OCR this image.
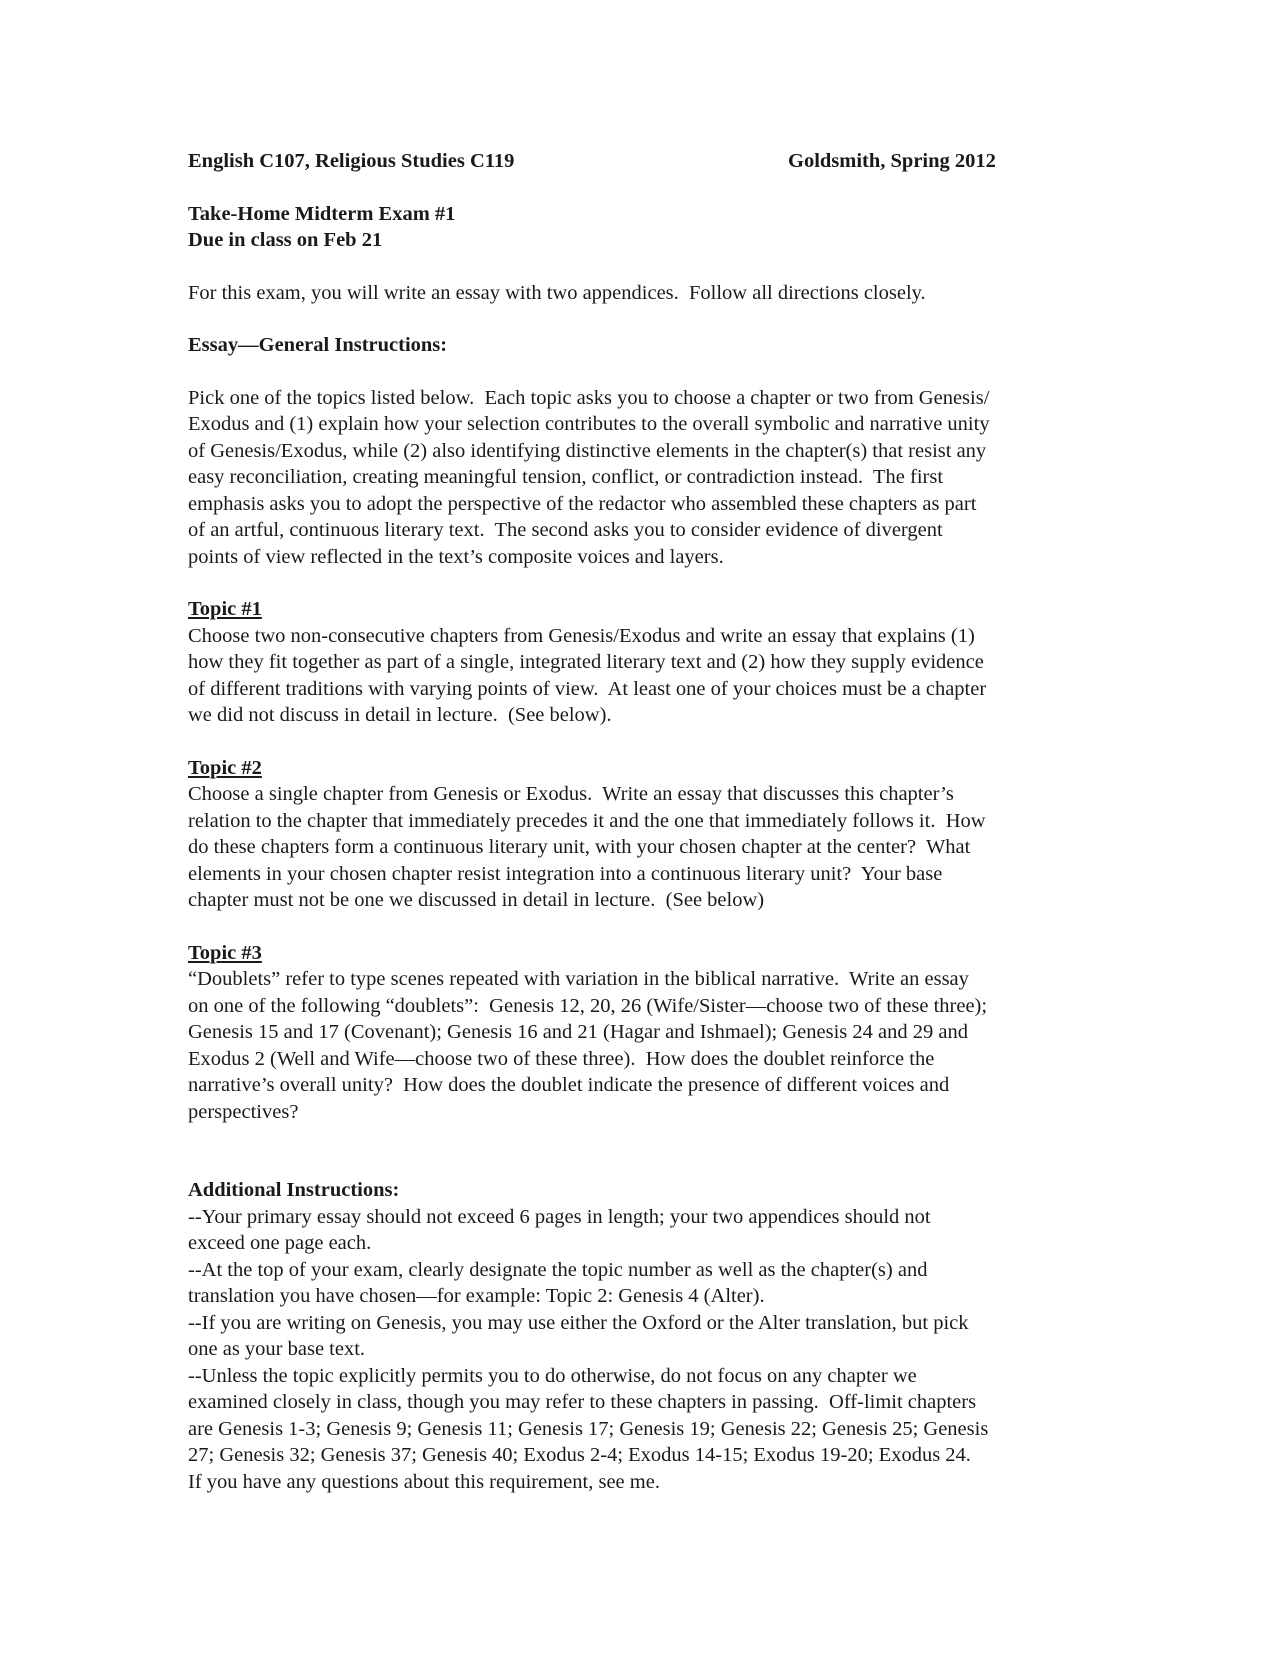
English C107, Religious Studies C119	Goldsmith, Spring 2012
Take-Home Midterm Exam #1
Due in class on Feb 21
For this exam, you will write an essay with two appendices.  Follow all directions closely.
Essay—General Instructions:
Pick one of the topics listed below.  Each topic asks you to choose a chapter or two from Genesis/
Exodus and (1) explain how your selection contributes to the overall symbolic and narrative unity
of Genesis/Exodus, while (2) also identifying distinctive elements in the chapter(s) that resist any
easy reconciliation, creating meaningful tension, conflict, or contradiction instead.  The first
emphasis asks you to adopt the perspective of the redactor who assembled these chapters as part
of an artful, continuous literary text.  The second asks you to consider evidence of divergent
points of view reflected in the text’s composite voices and layers.
Topic #1
Choose two non-consecutive chapters from Genesis/Exodus and write an essay that explains (1)
how they fit together as part of a single, integrated literary text and (2) how they supply evidence
of different traditions with varying points of view.  At least one of your choices must be a chapter
we did not discuss in detail in lecture.  (See below).
Topic #2
Choose a single chapter from Genesis or Exodus.  Write an essay that discusses this chapter’s
relation to the chapter that immediately precedes it and the one that immediately follows it.  How
do these chapters form a continuous literary unit, with your chosen chapter at the center?  What
elements in your chosen chapter resist integration into a continuous literary unit?  Your base
chapter must not be one we discussed in detail in lecture.  (See below)
Topic #3
“Doublets” refer to type scenes repeated with variation in the biblical narrative.  Write an essay
on one of the following “doublets”:  Genesis 12, 20, 26 (Wife/Sister—choose two of these three);
Genesis 15 and 17 (Covenant); Genesis 16 and 21 (Hagar and Ishmael); Genesis 24 and 29 and
Exodus 2 (Well and Wife—choose two of these three).  How does the doublet reinforce the
narrative’s overall unity?  How does the doublet indicate the presence of different voices and
perspectives?
Additional Instructions:
--Your primary essay should not exceed 6 pages in length; your two appendices should not
exceed one page each.
--At the top of your exam, clearly designate the topic number as well as the chapter(s) and
translation you have chosen—for example: Topic 2: Genesis 4 (Alter).
--If you are writing on Genesis, you may use either the Oxford or the Alter translation, but pick
one as your base text.
--Unless the topic explicitly permits you to do otherwise, do not focus on any chapter we
examined closely in class, though you may refer to these chapters in passing.  Off-limit chapters
are Genesis 1-3; Genesis 9; Genesis 11; Genesis 17; Genesis 19; Genesis 22; Genesis 25; Genesis
27; Genesis 32; Genesis 37; Genesis 40; Exodus 2-4; Exodus 14-15; Exodus 19-20; Exodus 24.
If you have any questions about this requirement, see me.
